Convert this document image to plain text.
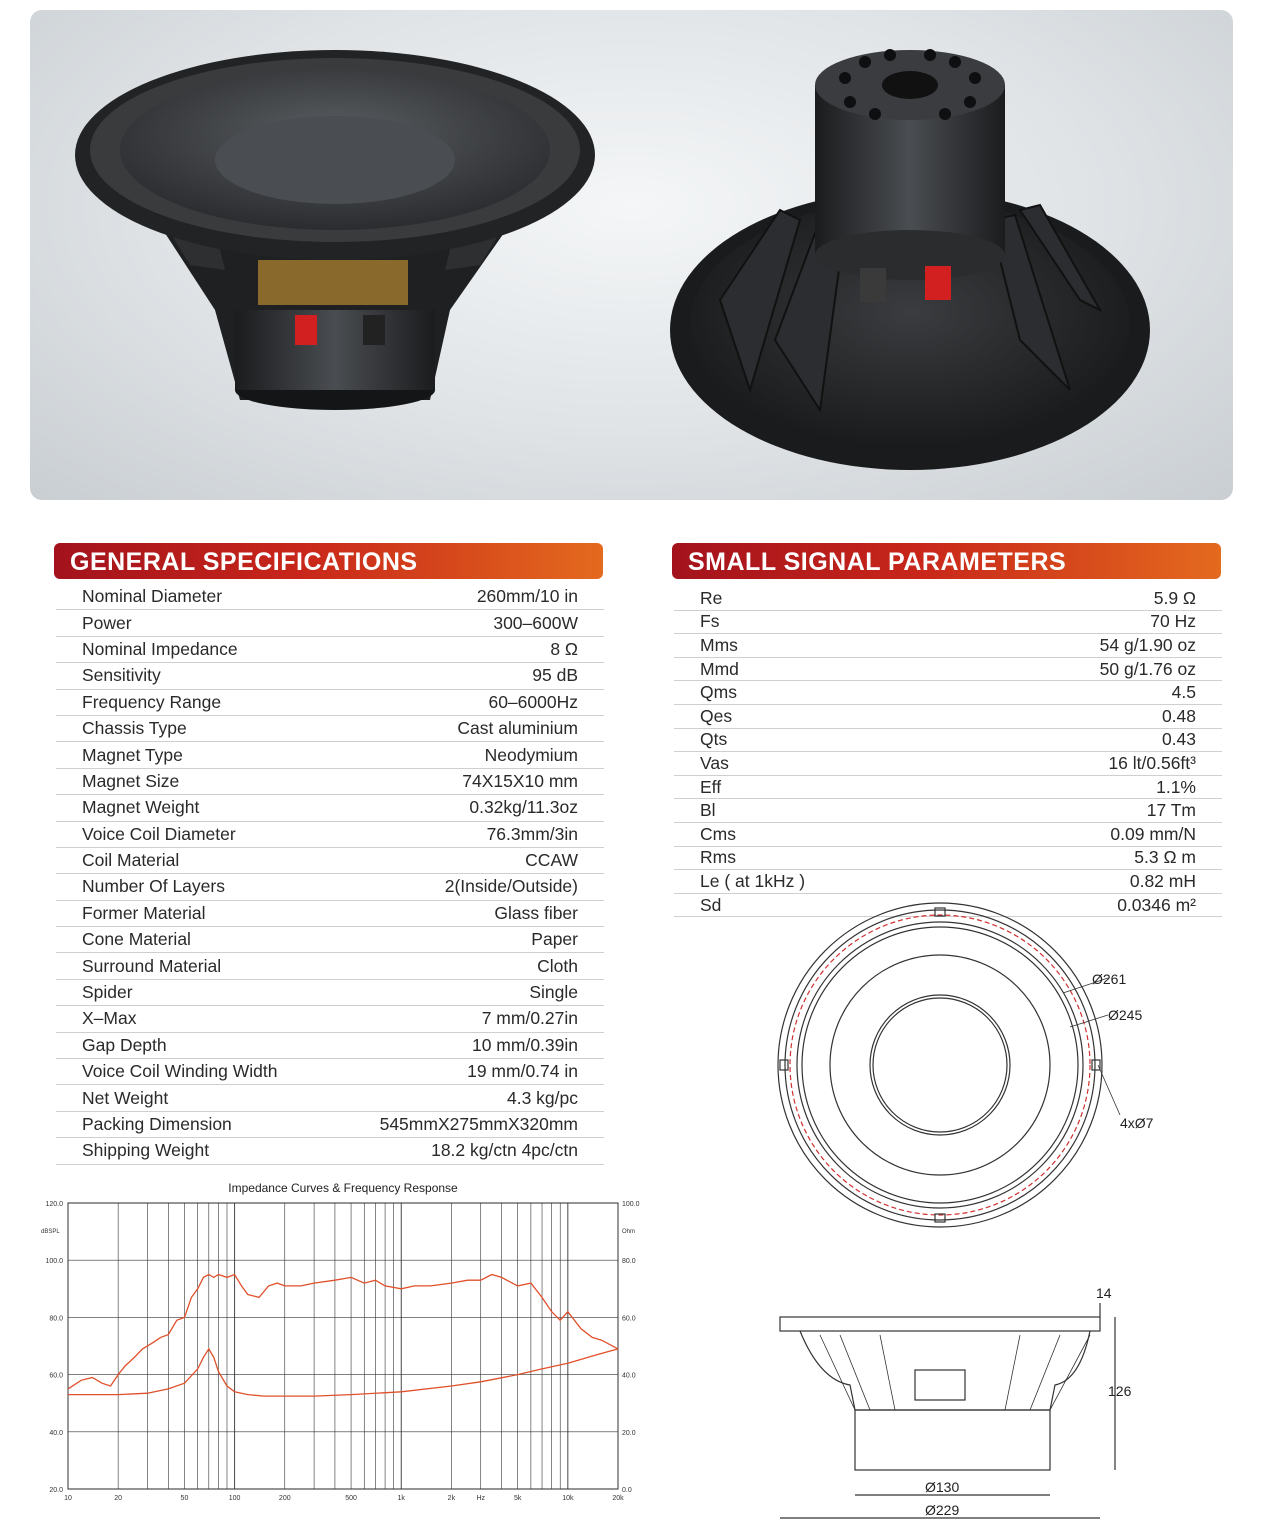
GENERAL SPECIFICATIONS
Nominal Diameter	260mm/10 in
Power	300–600W
Nominal Impedance	8 Ω
Sensitivity	95 dB
Frequency Range	60–6000Hz
Chassis Type	Cast aluminium
Magnet Type	Neodymium
Magnet Size	74X15X10 mm
Magnet Weight	0.32kg/11.3oz
Voice Coil Diameter	76.3mm/3in
Coil Material	CCAW
Number Of Layers	2(Inside/Outside)
Former Material	Glass fiber
Cone Material	Paper
Surround Material	Cloth
Spider	Single
X–Max	7 mm/0.27in
Gap Depth	10 mm/0.39in
Voice Coil Winding Width	19 mm/0.74 in
Net Weight	4.3 kg/pc
Packing Dimension	545mmX275mmX320mm
Shipping Weight	18.2 kg/ctn 4pc/ctn
SMALL SIGNAL PARAMETERS
Re	5.9 Ω
Fs	70 Hz
Mms	54 g/1.90 oz
Mmd	50 g/1.76 oz
Qms	4.5
Qes	0.48
Qts	0.43
Vas	16 lt/0.56ft³
Eff	1.1%
Bl	17 Tm
Cms	0.09 mm/N
Rms	5.3 Ω m
Le ( at 1kHz )	0.82 mH
Sd	0.0346 m²
Impedance Curves & Frequency Response
20.0
40.0
60.0
80.0
100.0
120.0
0.0
20.0
40.0
60.0
80.0
100.0
dBSPL	Ohm
10	20	50	100	200	500	1k	2k	5k	10k	20k
Hz
Ø261
Ø245
4xØ7
14
126
Ø130
Ø229
